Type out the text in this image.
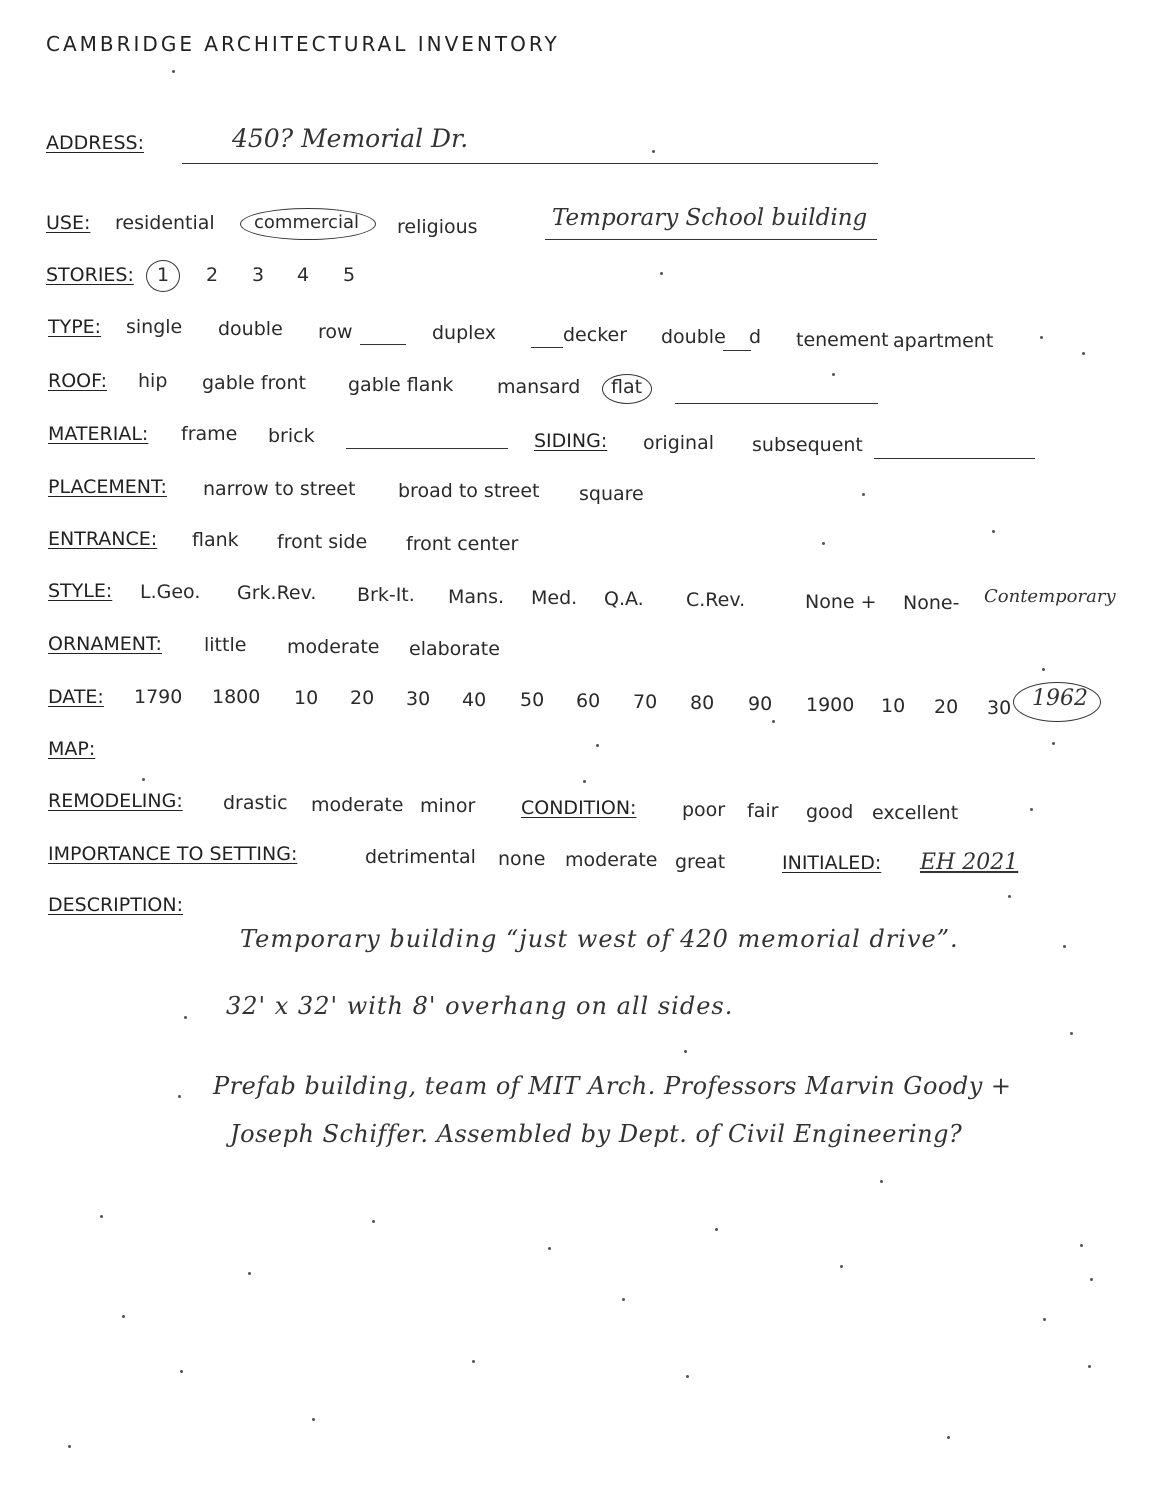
CAMBRIDGE ARCHITECTURAL INVENTORY
ADDRESS:	450? Memorial Dr.
USE: residential commercial religious	Temporary School building
STORIES: 1 2 3 4 5
TYPE: single double row	duplex	decker double d tenement apartment
ROOF: hip gable front gable flank mansard flat
MATERIAL: frame brick	SIDING: original subsequent
PLACEMENT: narrow to street broad to street square
ENTRANCE: flank front side front center
STYLE: L.Geo. Grk.Rev. Brk-It. Mans. Med. Q.A. C.Rev.	None + None- Contemporary
ORNAMENT: little moderate elaborate
DATE: 1790 1800 10 20 30 40 50 60 70 80 90 1900 10 20 30 1962
MAP:
REMODELING: drastic moderate minor CONDITION: poor fair good excellent
IMPORTANCE TO SETTING:	detrimental none moderate great	INITIALED: EH 2021
DESCRIPTION:
Temporary building “just west of 420 memorial drive”.
32' x 32' with 8' overhang on all sides.
Prefab building, team of MIT Arch. Professors Marvin Goody +
Joseph Schiffer. Assembled by Dept. of Civil Engineering?
